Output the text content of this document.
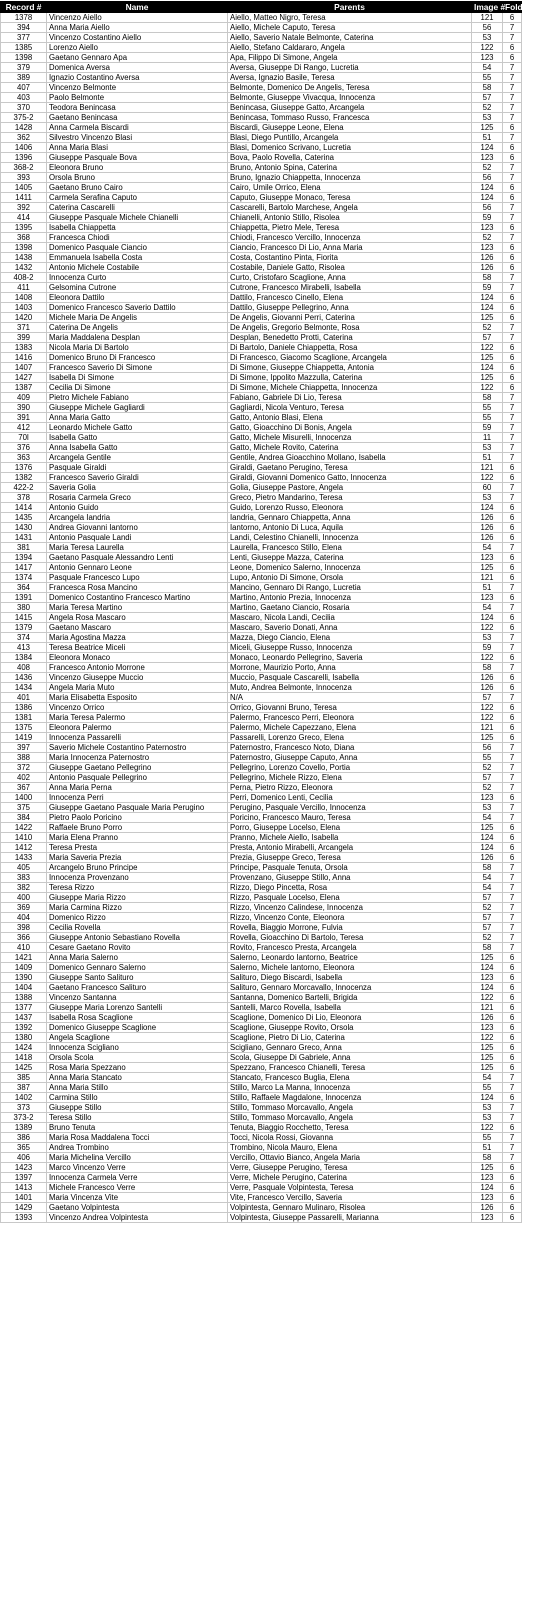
Record #	Name	Parents	Image #	Folder #
1378	Vincenzo Aiello	Aiello, Matteo Nigro, Teresa	121	6
394	Anna Maria Aiello	Aiello, Michele Caputo, Teresa	56	7
377	Vincenzo Costantino Aiello	Aiello, Saverio Natale Belmonte, Caterina	53	7
1385	Lorenzo Aiello	Aiello, Stefano Caldararo, Angela	122	6
1398	Gaetano Gennaro Apa	Apa, Filippo Di Simone, Angela	123	6
379	Domenica Aversa	Aversa, Giuseppe Di Rango, Lucretia	54	7
389	Ignazio Costantino Aversa	Aversa, Ignazio Basile, Teresa	55	7
407	Vincenzo Belmonte	Belmonte, Domenico De Angelis, Teresa	58	7
403	Paolo Belmonte	Belmonte, Giuseppe Vivacqua, Innocenza	57	7
370	Teodora Benincasa	Benincasa, Giuseppe Gatto, Arcangela	52	7
375-2	Gaetano Benincasa	Benincasa, Tommaso Russo, Francesca	53	7
1428	Anna Carmela Biscardi	Biscardi, Giuseppe Leone, Elena	125	6
362	Silvestro Vincenzo Blasi	Blasi, Diego Puntillo, Arcangela	51	7
1406	Anna Maria Blasi	Blasi, Domenico Scrivano, Lucretia	124	6
1396	Giuseppe Pasquale Bova	Bova, Paolo Rovella, Caterina	123	6
368-2	Eleonora Bruno	Bruno, Antonio Spina, Caterina	52	7
393	Orsola Bruno	Bruno, Ignazio Chiappetta, Innocenza	56	7
1405	Gaetano Bruno Cairo	Cairo, Umile Orrico, Elena	124	6
1411	Carmela Serafina Caputo	Caputo, Giuseppe Monaco, Teresa	124	6
392	Caterina Cascarelli	Cascarelli, Bartolo Marchese, Angela	56	7
414	Giuseppe Pasquale Michele Chianelli	Chianelli, Antonio Stillo, Risolea	59	7
1395	Isabella Chiappetta	Chiappetta, Pietro Mele, Teresa	123	6
368	Francesca Chiodi	Chiodi, Francesco Vercillo, Innocenza	52	7
1398	Domenico Pasquale Ciancio	Ciancio, Francesco Di Lio, Anna Maria	123	6
1438	Emmanuela Isabella Costa	Costa, Costantino Pinta, Fiorita	126	6
1432	Antonio Michele Costabile	Costabile, Daniele Gatto, Risolea	126	6
408-2	Innocenza Curto	Curto, Cristofaro Scaglione, Anna	58	7
411	Gelsomina Cutrone	Cutrone, Francesco Mirabelli, Isabella	59	7
1408	Eleonora Dattilo	Dattilo, Francesco Cinello, Elena	124	6
1403	Domenico Francesco Saverio Dattilo	Dattilo, Giuseppe Pellegrino, Anna	124	6
1420	Michele Maria De Angelis	De Angelis, Giovanni Perri, Caterina	125	6
371	Caterina De Angelis	De Angelis, Gregorio Belmonte, Rosa	52	7
399	Maria Maddalena Desplan	Desplan, Benedetto Protti, Caterina	57	7
1383	Nicola Maria Di Bartolo	Di Bartolo, Daniele Chiappetta, Rosa	122	6
1416	Domenico Bruno Di Francesco	Di Francesco, Giacomo Scaglione, Arcangela	125	6
1407	Francesco Saverio Di Simone	Di Simone, Giuseppe Chiappetta, Antonia	124	6
1427	Isabella Di Simone	Di Simone, Ippolito Mazzulla, Caterina	125	6
1387	Cecilia Di Simone	Di Simone, Michele Chiappetta, Innocenza	122	6
409	Pietro Michele Fabiano	Fabiano, Gabriele Di Lio, Teresa	58	7
390	Giuseppe Michele Gagliardi	Gagliardi, Nicola Venturo, Teresa	55	7
391	Anna Maria Gatto	Gatto, Antonio Blasi, Elena	55	7
412	Leonardo Michele Gatto	Gatto, Gioacchino Di Bonis, Angela	59	7
70l	Isabella Gatto	Gatto, Michele Misurelli, Innocenza	11	7
376	Anna Isabella Gatto	Gatto, Michele Rovito, Caterina	53	7
363	Arcangela Gentile	Gentile, Andrea Gioacchino Mollano, Isabella	51	7
1376	Pasquale Giraldi	Giraldi, Gaetano Perugino, Teresa	121	6
1382	Francesco Saverio Giraldi	Giraldi, Giovanni Domenico Gatto, Innocenza	122	6
422-2	Saveria Golia	Golia, Giuseppe Pastore, Angela	60	7
378	Rosaria Carmela Greco	Greco, Pietro Mandarino, Teresa	53	7
1414	Antonio Guido	Guido, Lorenzo Russo, Eleonora	124	6
1435	Arcangela Iandria	Iandria, Gennaro Chiappetta, Anna	126	6
1430	Andrea Giovanni Iantorno	Iantorno, Antonio Di Luca, Aquila	126	6
1431	Antonio Pasquale Landi	Landi, Celestino Chianelli, Innocenza	126	6
381	Maria Teresa Laurella	Laurella, Francesco Stillo, Elena	54	7
1394	Gaetano Pasquale Alessandro Lenti	Lenti, Giuseppe Mazza, Caterina	123	6
1417	Antonio Gennaro Leone	Leone, Domenico Salerno, Innocenza	125	6
1374	Pasquale Francesco Lupo	Lupo, Antonio Di Simone, Orsola	121	6
364	Francesca Rosa Mancino	Mancino, Gennaro Di Rango, Lucretia	51	7
1391	Domenico Costantino Francesco Martino	Martino, Antonio Prezia, Innocenza	123	6
380	Maria Teresa Martino	Martino, Gaetano Ciancio, Rosaria	54	7
1415	Angela Rosa Mascaro	Mascaro, Nicola Landi, Cecilia	124	6
1379	Gaetano Mascaro	Mascaro, Saverio Donati, Anna	122	6
374	Maria Agostina Mazza	Mazza, Diego Ciancio, Elena	53	7
413	Teresa Beatrice Miceli	Miceli, Giuseppe Russo, Innocenza	59	7
1384	Eleonora Monaco	Monaco, Leonardo Pellegrino, Saveria	122	6
408	Francesco Antonio Morrone	Morrone, Maurizio Porto, Anna	58	7
1436	Vincenzo Giuseppe Muccio	Muccio, Pasquale Cascarelli, Isabella	126	6
1434	Angela Maria Muto	Muto, Andrea Belmonte, Innocenza	126	6
401	Maria Elisabetta Esposito	N/A	57	7
1386	Vincenzo Orrico	Orrico, Giovanni Bruno, Teresa	122	6
1381	Maria Teresa Palermo	Palermo, Francesco Perri, Eleonora	122	6
1375	Eleonora Palermo	Palermo, Michele Capezzano, Elena	121	6
1419	Innocenza Passarelli	Passarelli, Lorenzo Greco, Elena	125	6
397	Saverio Michele Costantino Paternostro	Paternostro, Francesco Noto, Diana	56	7
388	Maria Innocenza Paternostro	Paternostro, Giuseppe Caputo, Anna	55	7
372	Giuseppe Gaetano Pellegrino	Pellegrino, Lorenzo Covello, Portia	52	7
402	Antonio Pasquale Pellegrino	Pellegrino, Michele Rizzo, Elena	57	7
367	Anna Maria Perna	Perna, Pietro Rizzo, Eleonora	52	7
1400	Innocenza Perri	Perri, Domenico Lenti, Cecilia	123	6
375	Giuseppe Gaetano Pasquale Maria Perugino	Perugino, Pasquale Vercillo, Innocenza	53	7
384	Pietro Paolo Poricino	Poricino, Francesco Mauro, Teresa	54	7
1422	Raffaele Bruno Porro	Porro, Giuseppe Locelso, Elena	125	6
1410	Maria Elena Pranno	Pranno, Michele Aiello, Isabella	124	6
1412	Teresa Presta	Presta, Antonio Mirabelli, Arcangela	124	6
1433	Maria Saveria Prezia	Prezia, Giuseppe Greco, Teresa	126	6
405	Arcangelo Bruno Principe	Principe, Pasquale Tenuta, Orsola	58	7
383	Innocenza Provenzano	Provenzano, Giuseppe Stillo, Anna	54	7
382	Teresa Rizzo	Rizzo, Diego Pincetta, Rosa	54	7
400	Giuseppe Maria Rizzo	Rizzo, Pasquale Locelso, Elena	57	7
369	Maria Carmina Rizzo	Rizzo, Vincenzo Calindese, Innocenza	52	7
404	Domenico Rizzo	Rizzo, Vincenzo Conte, Eleonora	57	7
398	Cecilia Rovella	Rovella, Biaggio Morrone, Fulvia	57	7
366	Giuseppe Antonio Sebastiano Rovella	Rovella, Gioacchino Di Bartolo, Teresa	52	7
410	Cesare Gaetano Rovito	Rovito, Francesco Presta, Arcangela	58	7
1421	Anna Maria Salerno	Salerno, Leonardo Iantorno, Beatrice	125	6
1409	Domenico Gennaro Salerno	Salerno, Michele Iantorno, Eleonora	124	6
1390	Giuseppe Santo Salituro	Salituro, Diego Biscardi, Isabella	123	6
1404	Gaetano Francesco Salituro	Salituro, Gennaro Morcavallo, Innocenza	124	6
1388	Vincenzo Santanna	Santanna, Domenico Bartelli, Brigida	122	6
1377	Giuseppe Maria Lorenzo Santelli	Santelli, Marco Rovella, Isabella	121	6
1437	Isabella Rosa Scaglione	Scaglione, Domenico Di Lio, Eleonora	126	6
1392	Domenico Giuseppe Scaglione	Scaglione, Giuseppe Rovito, Orsola	123	6
1380	Angela Scaglione	Scaglione, Pietro Di Lio, Caterina	122	6
1424	Innocenza Scigliano	Scigliano, Gennaro Greco, Anna	125	6
1418	Orsola Scola	Scola, Giuseppe Di Gabriele, Anna	125	6
1425	Rosa Maria Spezzano	Spezzano, Francesco Chianelli, Teresa	125	6
385	Anna Maria Stancato	Stancato, Francesco Buglia, Elena	54	7
387	Anna Maria Stillo	Stillo, Marco La Manna, Innocenza	55	7
1402	Carmina Stillo	Stillo, Raffaele Magdalone, Innocenza	124	6
373	Giuseppe Stillo	Stillo, Tommaso Morcavallo, Angela	53	7
373-2	Teresa Stillo	Stillo, Tommaso Morcavallo, Angela	53	7
1389	Bruno Tenuta	Tenuta, Biaggio Rocchetto, Teresa	122	6
386	Maria Rosa Maddalena Tocci	Tocci, Nicola Rossi, Giovanna	55	7
365	Andrea Trombino	Trombino, Nicola Mauro, Elena	51	7
406	Maria Michelina Vercillo	Vercillo, Ottavio Bianco, Angela Maria	58	7
1423	Marco Vincenzo Verre	Verre, Giuseppe Perugino, Teresa	125	6
1397	Innocenza Carmela Verre	Verre, Michele Perugino, Caterina	123	6
1413	Michele Francesco Verre	Verre, Pasquale Volpintesta, Teresa	124	6
1401	Maria Vincenza Vite	Vite, Francesco Vercillo, Saveria	123	6
1429	Gaetano Volpintesta	Volpintesta, Gennaro Mulinaro, Risolea	126	6
1393	Vincenzo Andrea Volpintesta	Volpintesta, Giuseppe Passarelli, Marianna	123	6
